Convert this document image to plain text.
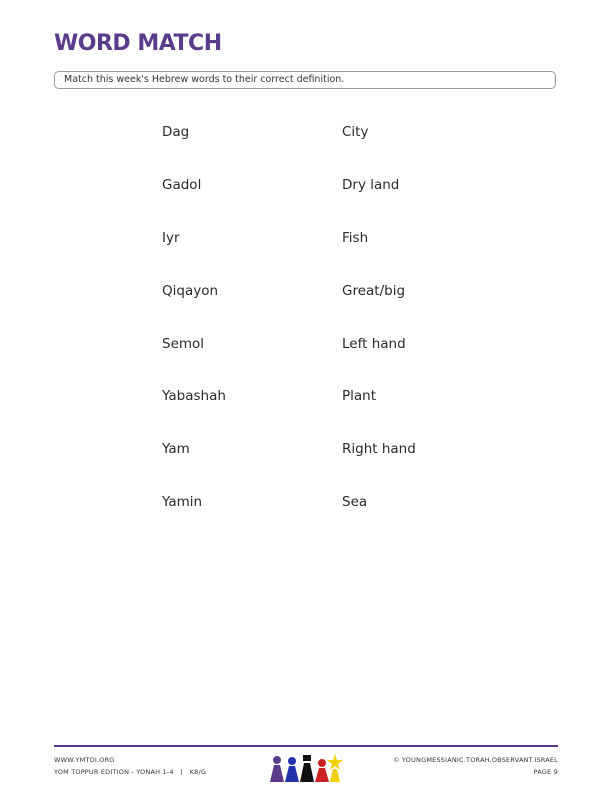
WORD MATCH
Match this week's Hebrew words to their correct definition.
Dag
Gadol
Iyr
Qiqayon
Semol
Yabashah
Yam
Yamin
City
Dry land
Fish
Great/big
Left hand
Plant
Right hand
Sea
WWW.YMTOI.ORG
YOM TOPPUR EDITION - YONAH 1-4   |   K8/G
© YOUNGMESSIANIC.TORAH.OBSERVANT.ISRAEL
PAGE 9
